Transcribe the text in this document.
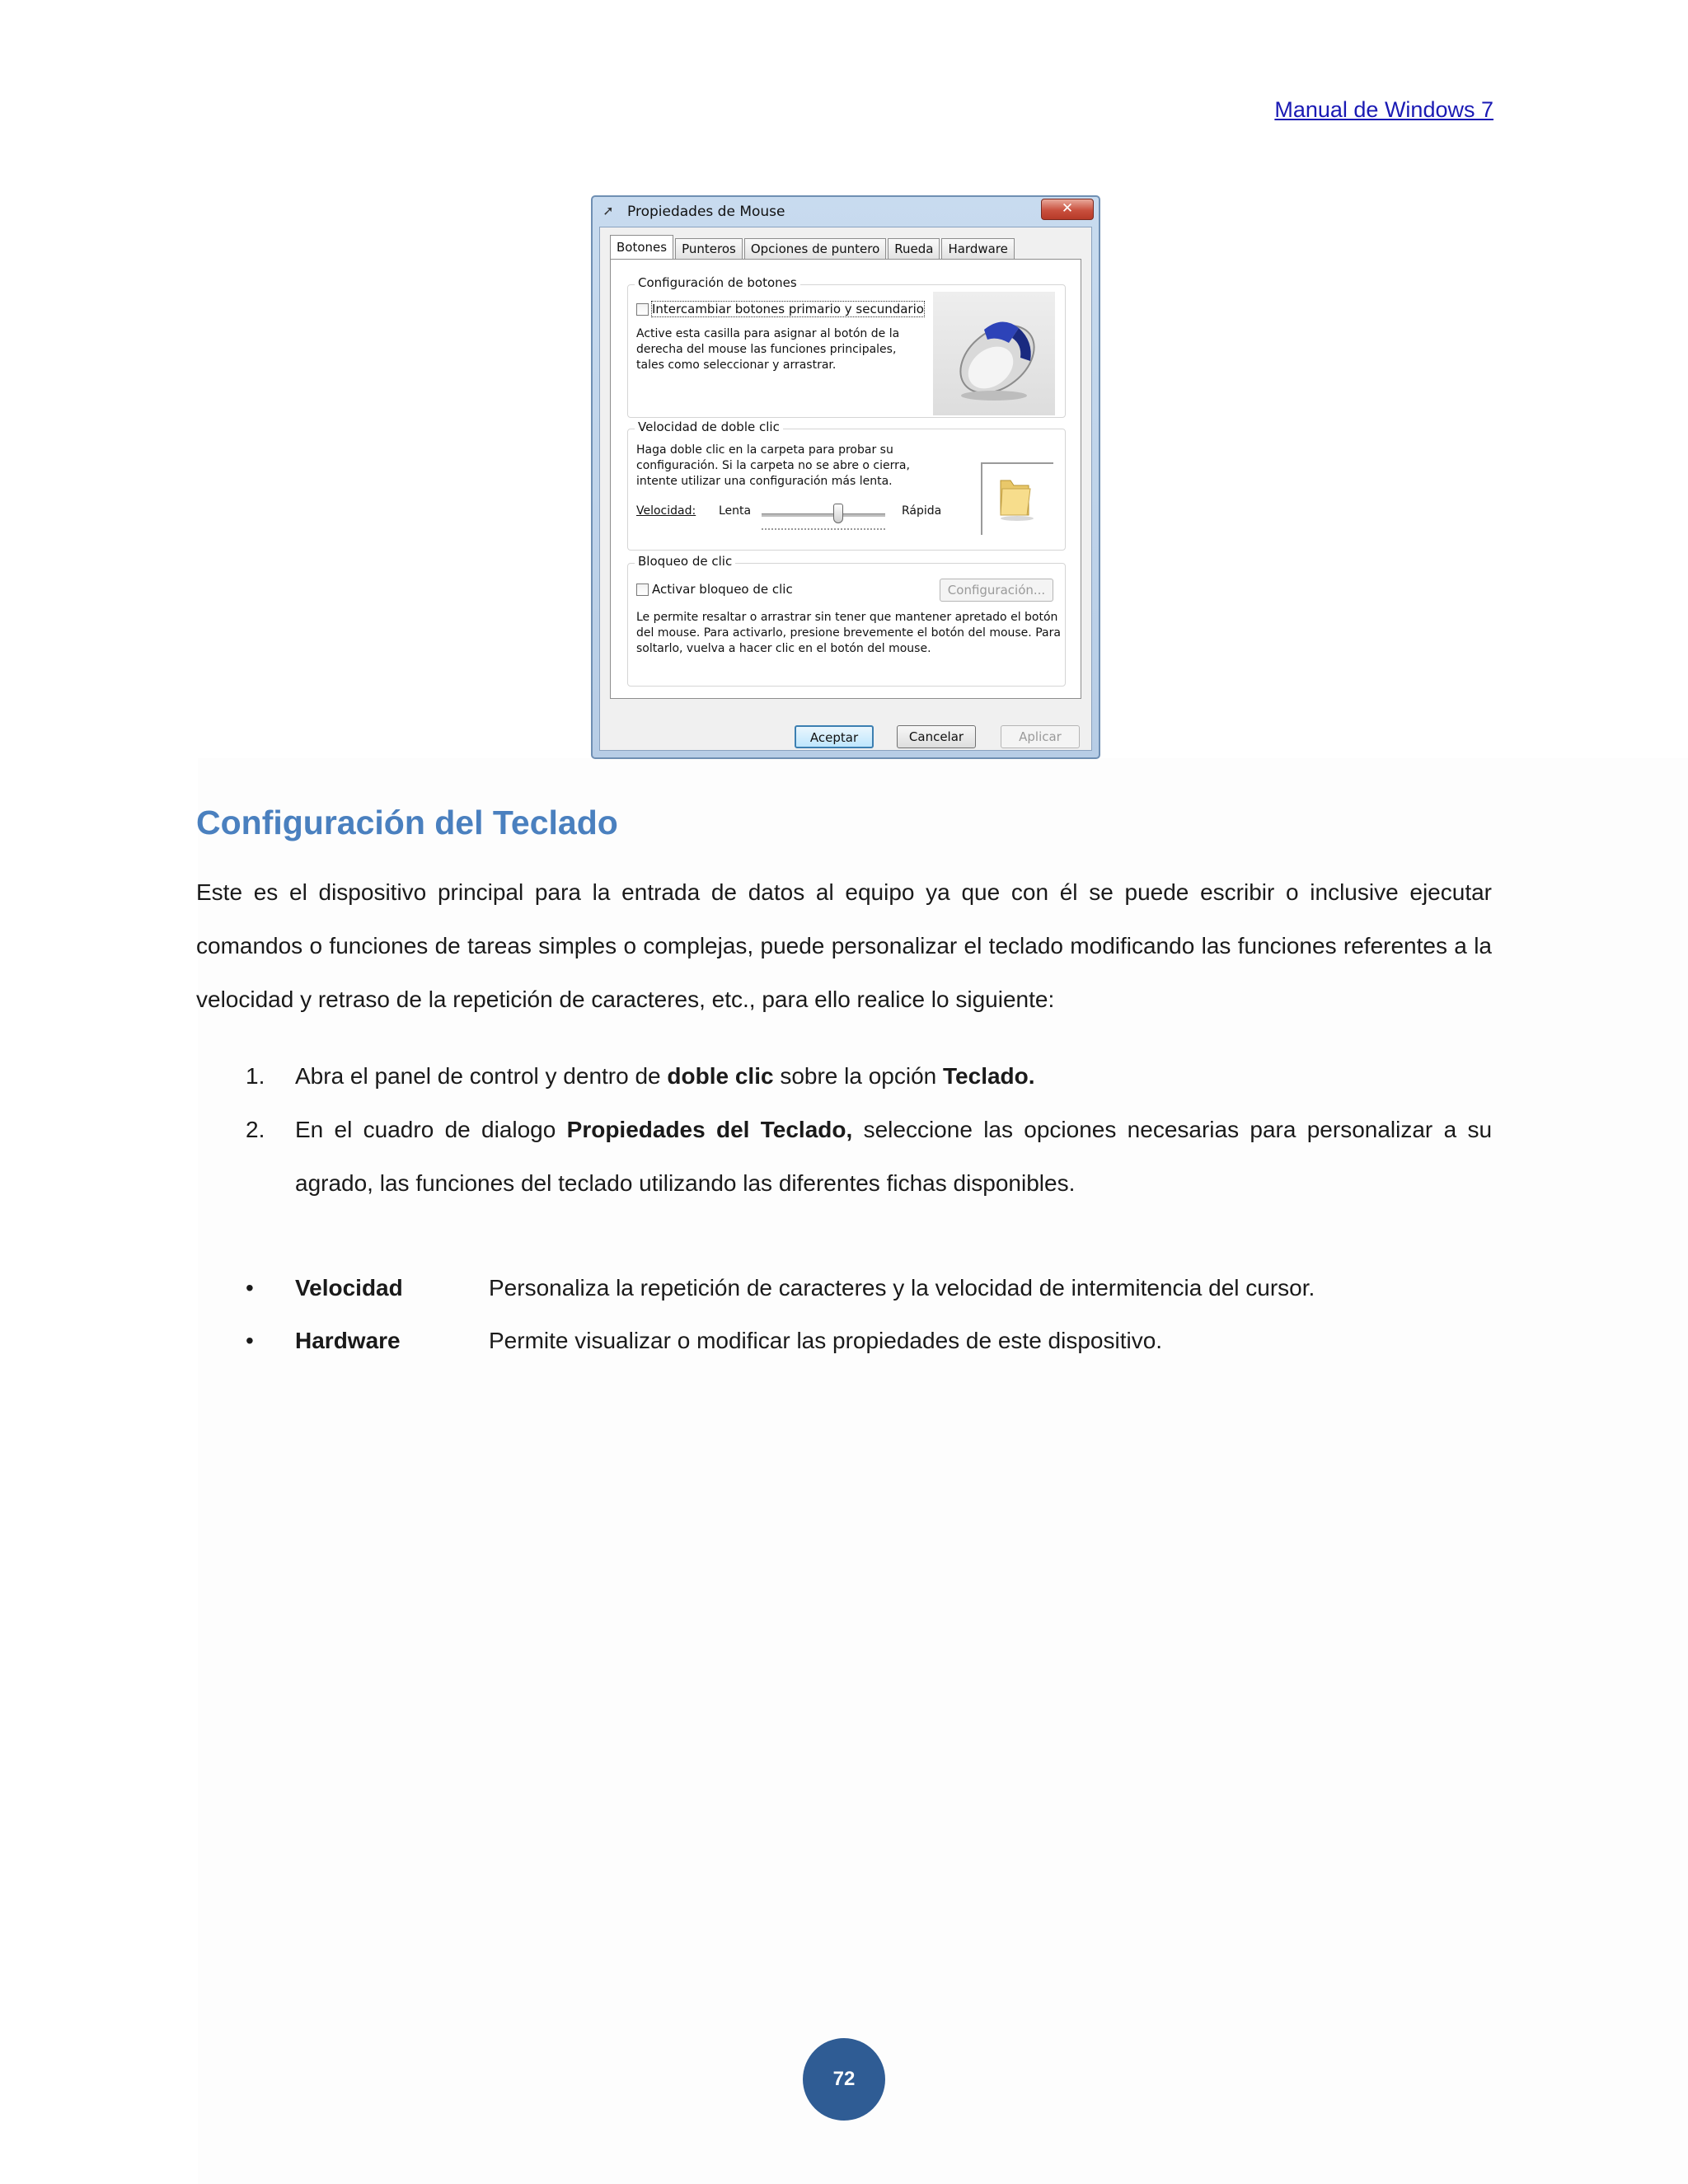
Manual de Windows 7
➚ Propiedades de Mouse	✕
Botones	Punteros	Opciones de puntero	Rueda	Hardware
Configuración de botones
Intercambiar botones primario y secundario
Active esta casilla para asignar al botón de la derecha del mouse las funciones principales, tales como seleccionar y arrastrar.
Velocidad de doble clic
Haga doble clic en la carpeta para probar su configuración. Si la carpeta no se abre o cierra, intente utilizar una configuración más lenta.
Velocidad: Lenta	Rápida
Bloqueo de clic
Activar bloqueo de clic	Configuración...
Le permite resaltar o arrastrar sin tener que mantener apretado el botón del mouse. Para activarlo, presione brevemente el botón del mouse. Para soltarlo, vuelva a hacer clic en el botón del mouse.
Aceptar	Cancelar	Aplicar
Configuración del Teclado

Este es el dispositivo principal para la entrada de datos al equipo ya que con él se puede escribir o inclusive ejecutar comandos o funciones de tareas simples o complejas, puede personalizar el teclado modificando las funciones referentes a la velocidad y retraso de la repetición de caracteres, etc., para ello realice lo siguiente:

1. Abra el panel de control y dentro de doble clic sobre la opción Teclado.
2. En el cuadro de dialogo Propiedades del Teclado, seleccione las opciones necesarias para personalizar a su agrado, las funciones del teclado utilizando las diferentes fichas disponibles.
• Velocidad	Personaliza la repetición de caracteres y la velocidad de intermitencia del cursor.
• Hardware	Permite visualizar o modificar las propiedades de este dispositivo.
72
